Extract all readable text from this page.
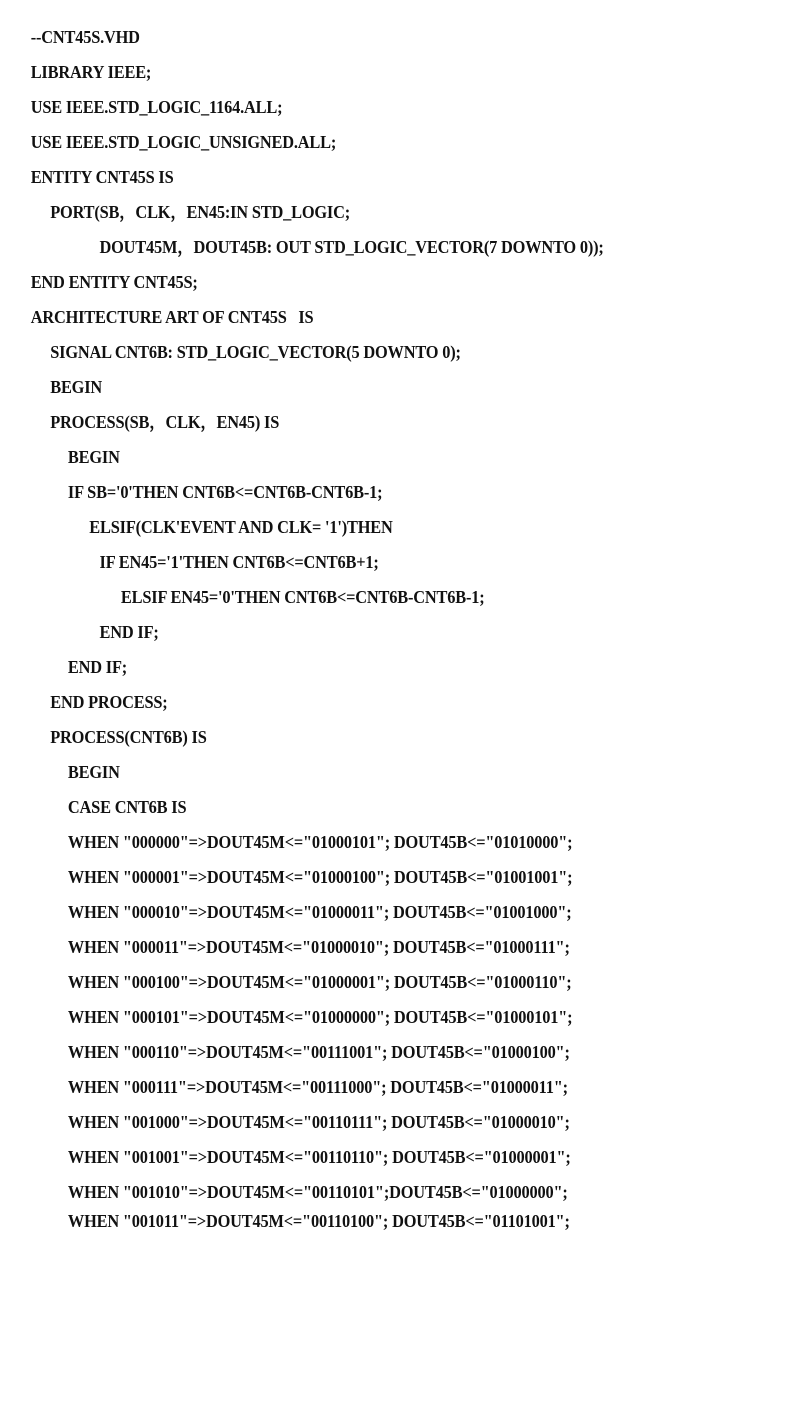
--CNT45S.VHD
LIBRARY IEEE;
USE IEEE.STD_LOGIC_1164.ALL;
USE IEEE.STD_LOGIC_UNSIGNED.ALL;
ENTITY CNT45S IS
PORT(SB，CLK，EN45:IN STD_LOGIC;
DOUT45M，DOUT45B: OUT STD_LOGIC_VECTOR(7 DOWNTO 0));
END ENTITY CNT45S;
ARCHITECTURE ART OF CNT45S   IS
SIGNAL CNT6B: STD_LOGIC_VECTOR(5 DOWNTO 0);
BEGIN
PROCESS(SB，CLK，EN45) IS
BEGIN
IF SB='0'THEN CNT6B<=CNT6B-CNT6B-1;
ELSIF(CLK'EVENT AND CLK= '1')THEN
IF EN45='1'THEN CNT6B<=CNT6B+1;
ELSIF EN45='0'THEN CNT6B<=CNT6B-CNT6B-1;
END IF;
END IF;
END PROCESS;
PROCESS(CNT6B) IS
BEGIN
CASE CNT6B IS
WHEN "000000"=>DOUT45M<="01000101"; DOUT45B<="01010000";
WHEN "000001"=>DOUT45M<="01000100"; DOUT45B<="01001001";
WHEN "000010"=>DOUT45M<="01000011"; DOUT45B<="01001000";
WHEN "000011"=>DOUT45M<="01000010"; DOUT45B<="01000111";
WHEN "000100"=>DOUT45M<="01000001"; DOUT45B<="01000110";
WHEN "000101"=>DOUT45M<="01000000"; DOUT45B<="01000101";
WHEN "000110"=>DOUT45M<="00111001"; DOUT45B<="01000100";
WHEN "000111"=>DOUT45M<="00111000"; DOUT45B<="01000011";
WHEN "001000"=>DOUT45M<="00110111"; DOUT45B<="01000010";
WHEN "001001"=>DOUT45M<="00110110"; DOUT45B<="01000001";
WHEN "001010"=>DOUT45M<="00110101";DOUT45B<="01000000";
WHEN "001011"=>DOUT45M<="00110100"; DOUT45B<="01101001";
